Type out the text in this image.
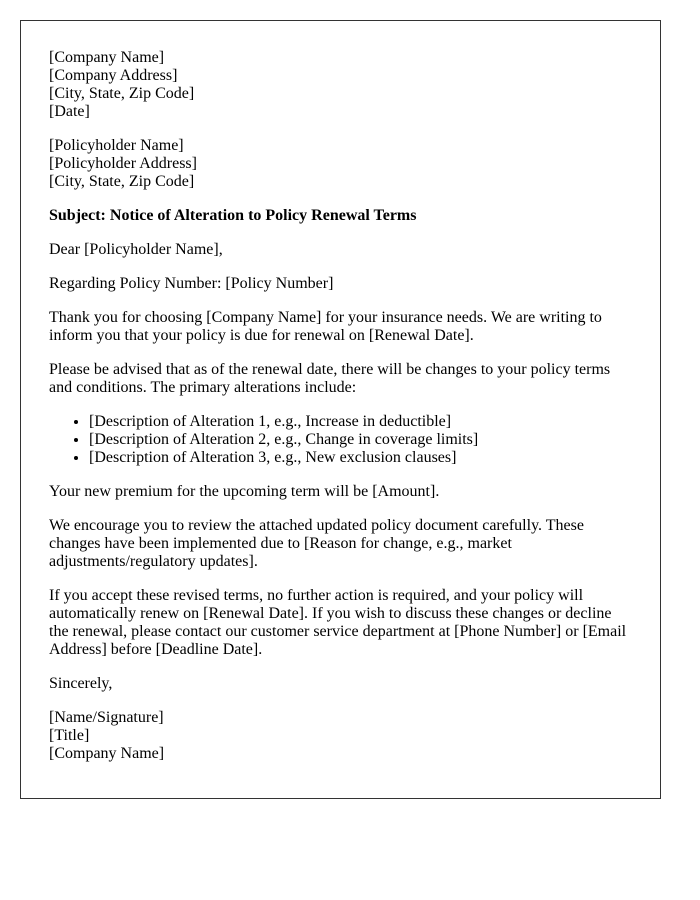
[Company Name]
[Company Address]
[City, State, Zip Code]
[Date]

[Policyholder Name]
[Policyholder Address]
[City, State, Zip Code]

Subject: Notice of Alteration to Policy Renewal Terms

Dear [Policyholder Name],

Regarding Policy Number: [Policy Number]

Thank you for choosing [Company Name] for your insurance needs. We are writing to inform you that your policy is due for renewal on [Renewal Date].

Please be advised that as of the renewal date, there will be changes to your policy terms and conditions. The primary alterations include:

• [Description of Alteration 1, e.g., Increase in deductible]
• [Description of Alteration 2, e.g., Change in coverage limits]
• [Description of Alteration 3, e.g., New exclusion clauses]

Your new premium for the upcoming term will be [Amount].

We encourage you to review the attached updated policy document carefully. These changes have been implemented due to [Reason for change, e.g., market adjustments/regulatory updates].

If you accept these revised terms, no further action is required, and your policy will automatically renew on [Renewal Date]. If you wish to discuss these changes or decline the renewal, please contact our customer service department at [Phone Number] or [Email Address] before [Deadline Date].

Sincerely,

[Name/Signature]
[Title]
[Company Name]
